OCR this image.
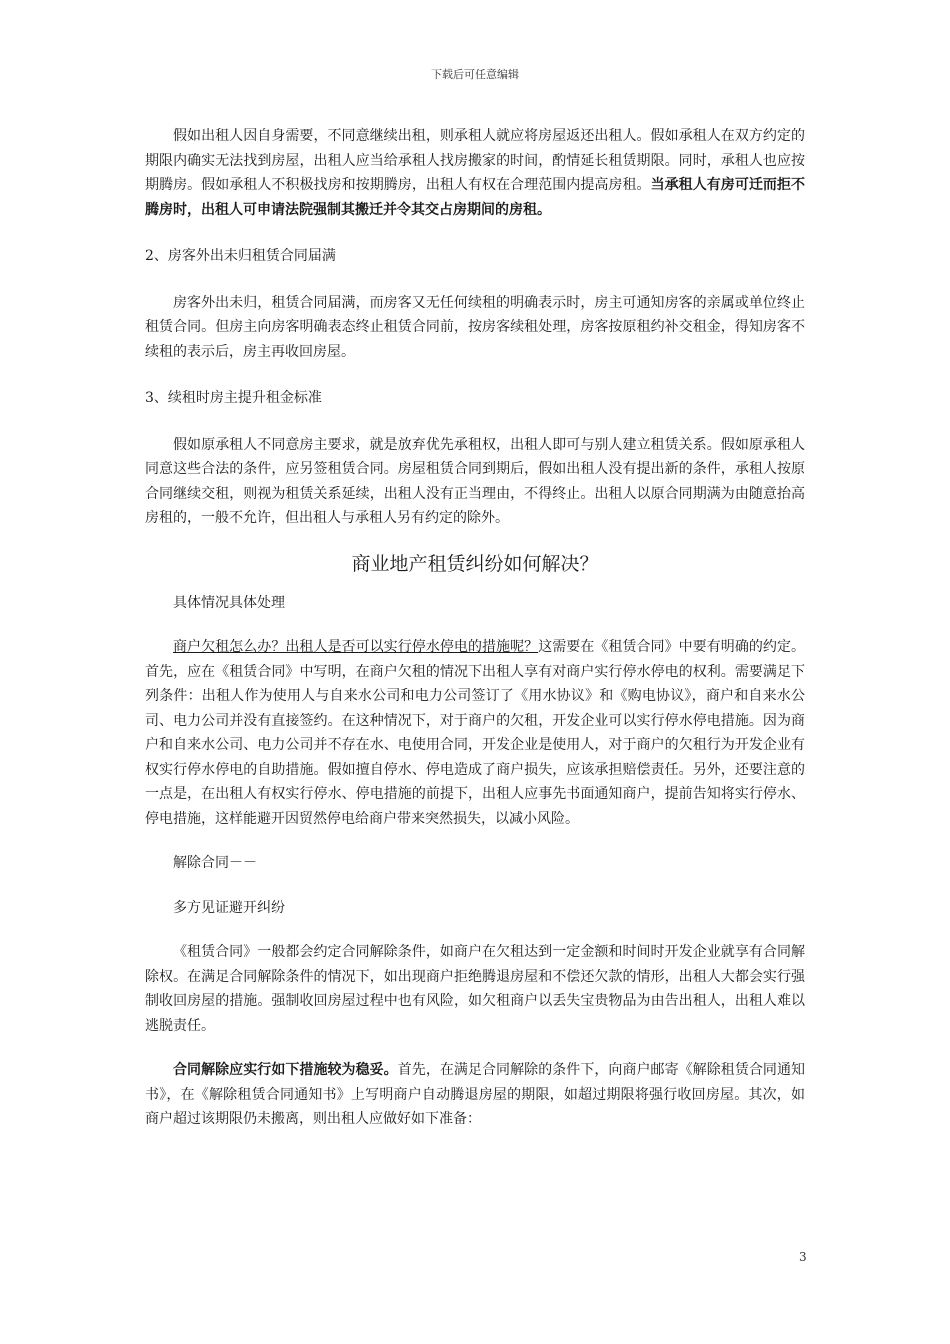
下载后可任意编辑

假如出租人因自身需要，不同意继续出租，则承租人就应将房屋返还出租人。假如承租人在双方约定的期限内确实无法找到房屋，出租人应当给承租人找房搬家的时间，酌情延长租赁期限。同时，承租人也应按期腾房。假如承租人不积极找房和按期腾房，出租人有权在合理范围内提高房租。当承租人有房可迁而拒不腾房时，出租人可申请法院强制其搬迁并令其交占房期间的房租。

2、房客外出未归租赁合同届满

房客外出未归，租赁合同届满，而房客又无任何续租的明确表示时，房主可通知房客的亲属或单位终止租赁合同。但房主向房客明确表态终止租赁合同前，按房客续租处理，房客按原租约补交租金，得知房客不续租的表示后，房主再收回房屋。

3、续租时房主提升租金标准

假如原承租人不同意房主要求，就是放弃优先承租权，出租人即可与别人建立租赁关系。假如原承租人同意这些合法的条件，应另签租赁合同。房屋租赁合同到期后，假如出租人没有提出新的条件，承租人按原合同继续交租，则视为租赁关系延续，出租人没有正当理由，不得终止。出租人以原合同期满为由随意抬高房租的，一般不允许，但出租人与承租人另有约定的除外。

商业地产租赁纠纷如何解决？

具体情况具体处理

商户欠租怎么办？出租人是否可以实行停水停电的措施呢？这需要在《租赁合同》中要有明确的约定。首先，应在《租赁合同》中写明，在商户欠租的情况下出租人享有对商户实行停水停电的权利。需要满足下列条件：出租人作为使用人与自来水公司和电力公司签订了《用水协议》和《购电协议》，商户和自来水公司、电力公司并没有直接签约。在这种情况下，对于商户的欠租，开发企业可以实行停水停电措施。因为商户和自来水公司、电力公司并不存在水、电使用合同，开发企业是使用人，对于商户的欠租行为开发企业有权实行停水停电的自助措施。假如擅自停水、停电造成了商户损失，应该承担赔偿责任。另外，还要注意的一点是，在出租人有权实行停水、停电措施的前提下，出租人应事先书面通知商户，提前告知将实行停水、停电措施，这样能避开因贸然停电给商户带来突然损失，以减小风险。

解除合同－－

多方见证避开纠纷

《租赁合同》一般都会约定合同解除条件，如商户在欠租达到一定金额和时间时开发企业就享有合同解除权。在满足合同解除条件的情况下，如出现商户拒绝腾退房屋和不偿还欠款的情形，出租人大都会实行强制收回房屋的措施。强制收回房屋过程中也有风险，如欠租商户以丢失宝贵物品为由告出租人，出租人难以逃脱责任。

合同解除应实行如下措施较为稳妥。首先，在满足合同解除的条件下，向商户邮寄《解除租赁合同通知书》，在《解除租赁合同通知书》上写明商户自动腾退房屋的期限，如超过期限将强行收回房屋。其次，如商户超过该期限仍未搬离，则出租人应做好如下准备：

3
